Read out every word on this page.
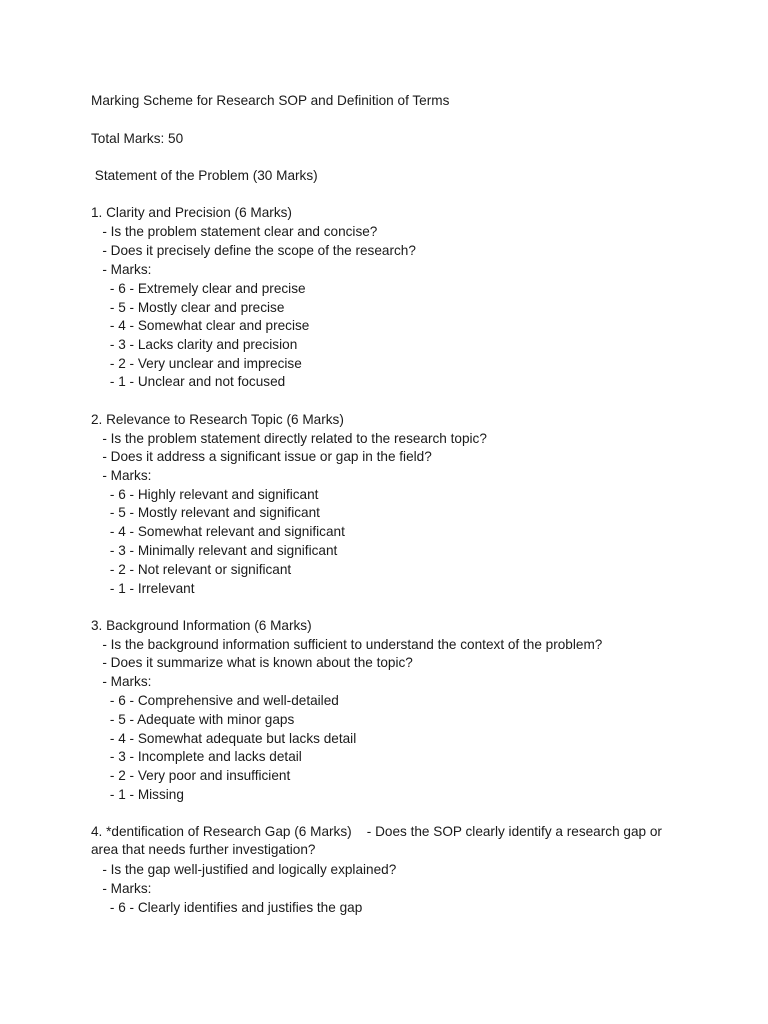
Marking Scheme for Research SOP and Definition of Terms

Total Marks: 50

Statement of the Problem (30 Marks)

1. Clarity and Precision (6 Marks)

- Is the problem statement clear and concise?

- Does it precisely define the scope of the research?

- Marks:

- 6 - Extremely clear and precise

- 5 - Mostly clear and precise

- 4 - Somewhat clear and precise

- 3 - Lacks clarity and precision

- 2 - Very unclear and imprecise

- 1 - Unclear and not focused

2. Relevance to Research Topic (6 Marks)

- Is the problem statement directly related to the research topic?

- Does it address a significant issue or gap in the field?

- Marks:

- 6 - Highly relevant and significant

- 5 - Mostly relevant and significant

- 4 - Somewhat relevant and significant

- 3 - Minimally relevant and significant

- 2 - Not relevant or significant

- 1 - Irrelevant

3. Background Information (6 Marks)

- Is the background information sufficient to understand the context of the problem?

- Does it summarize what is known about the topic?

- Marks:

- 6 - Comprehensive and well-detailed

- 5 - Adequate with minor gaps

- 4 - Somewhat adequate but lacks detail

- 3 - Incomplete and lacks detail

- 2 - Very poor and insufficient

- 1 - Missing

4. *dentification of Research Gap (6 Marks)    - Does the SOP clearly identify a research gap or area that needs further investigation?

- Is the gap well-justified and logically explained?

- Marks:

- 6 - Clearly identifies and justifies the gap
